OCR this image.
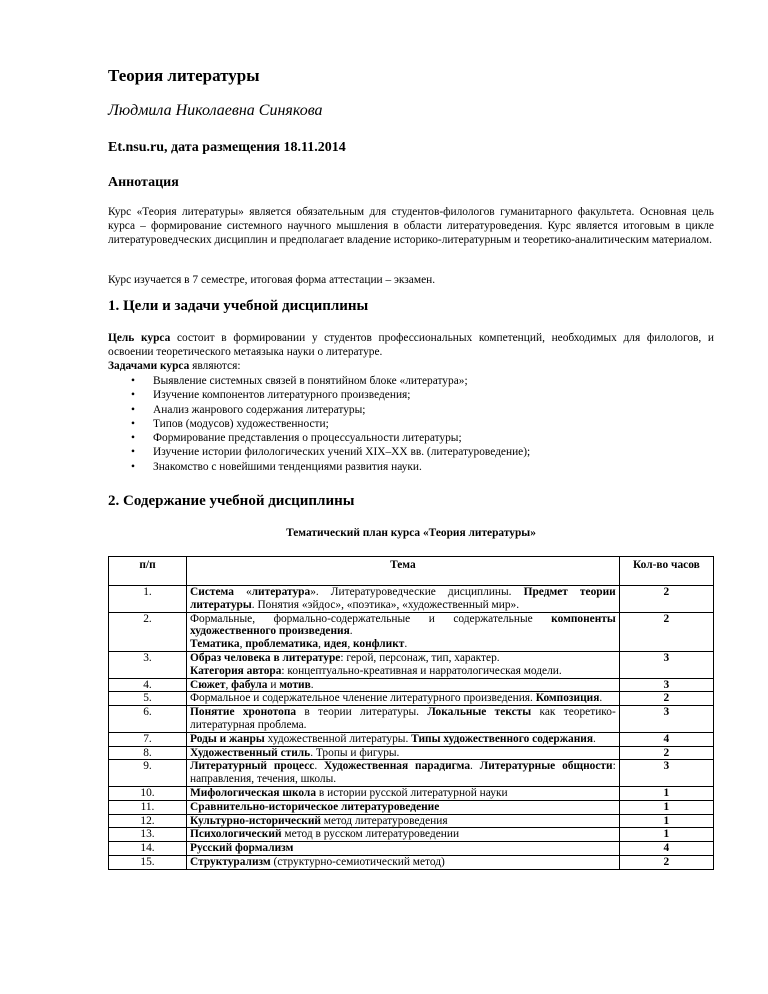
Теория литературы
Людмила Николаевна Синякова
Et.nsu.ru, дата размещения 18.11.2014
Аннотация
Курс «Теория литературы» является обязательным для студентов-филологов гуманитарного факультета. Основная цель курса – формирование системного научного мышления в области литературоведения. Курс является итоговым в цикле литературоведческих дисциплин и предполагает владение историко-литературным и теоретико-аналитическим материалом.
Курс изучается в 7 семестре, итоговая форма аттестации – экзамен.
1. Цели и задачи учебной дисциплины
Цель курса состоит в формировании у студентов профессиональных компетенций, необходимых для филологов, и освоении теоретического метаязыка науки о литературе.
Задачами курса являются:
• Выявление системных связей в понятийном блоке «литература»;
• Изучение компонентов литературного произведения;
• Анализ жанрового содержания литературы;
• Типов (модусов) художественности;
• Формирование представления о процессуальности литературы;
• Изучение истории филологических учений XIX–XX вв. (литературоведение);
• Знакомство с новейшими тенденциями развития науки.
2. Содержание учебной дисциплины
Тематический план курса «Теория литературы»
п/п	Тема	Кол-во часов
1.	Система «литература». Литературоведческие дисциплины. Предмет теории литературы. Понятия «эйдос», «поэтика», «художественный мир».	2
2.	Формальные, формально-содержательные и содержательные компоненты художественного произведения.
Тематика, проблематика, идея, конфликт.	2
3.	Образ человека в литературе: герой, персонаж, тип, характер.
Категория автора: концептуально-креативная и нарратологическая модели.	3
4.	Сюжет, фабула и мотив.	3
5.	Формальное и содержательное членение литературного произведения. Композиция.	2
6.	Понятие хронотопа в теории литературы. Локальные тексты как теоретико-литературная проблема.	3
7.	Роды и жанры художественной литературы. Типы художественного содержания.	4
8.	Художественный стиль. Тропы и фигуры.	2
9.	Литературный процесс. Художественная парадигма. Литературные общности: направления, течения, школы.	3
10.	Мифологическая школа в истории русской литературной науки	1
11.	Сравнительно-историческое литературоведение	1
12.	Культурно-исторический метод литературоведения	1
13.	Психологический метод в русском литературоведении	1
14.	Русский формализм	4
15.	Структурализм (структурно-семиотический метод)	2
